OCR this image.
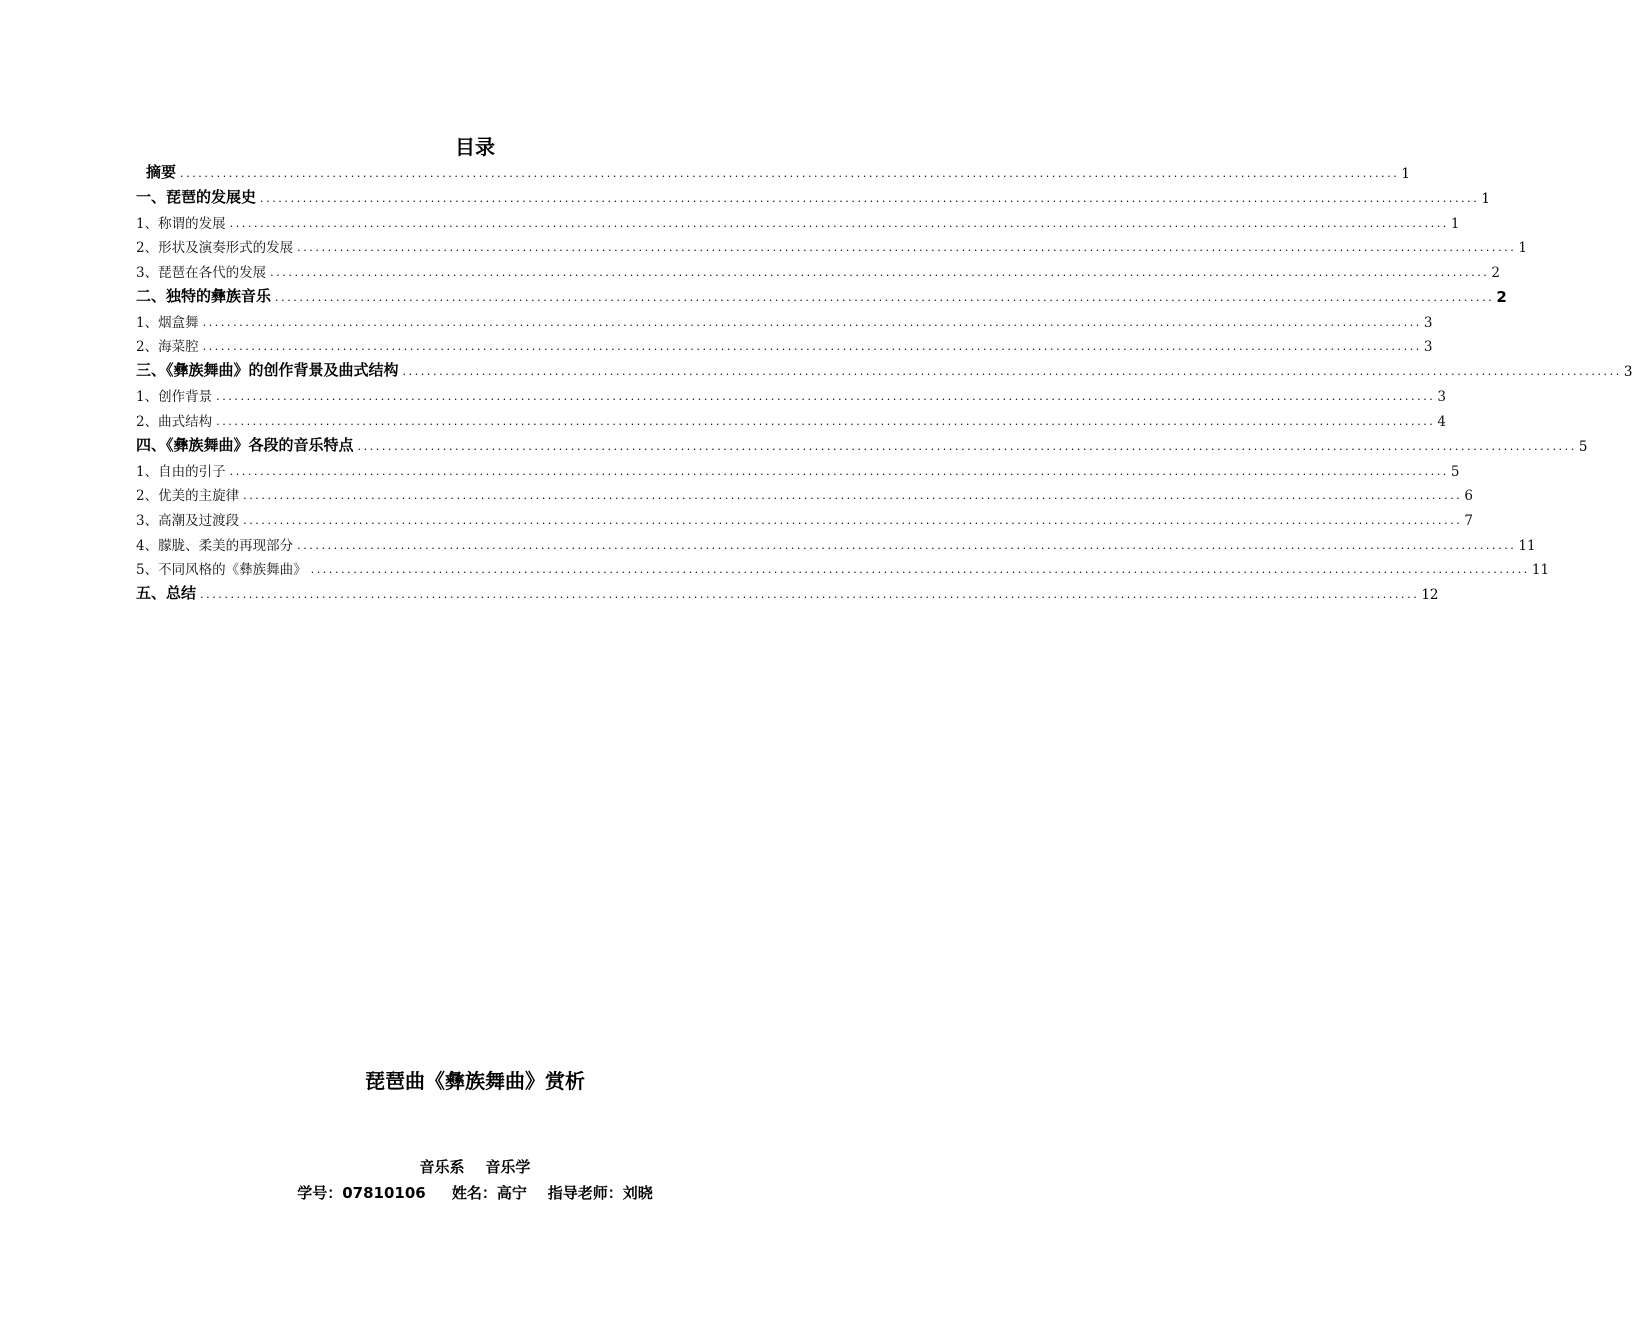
目录
摘要 ........................................................................................................................................................................................................ 1
一、琵琶的发展史 ........................................................................................................................................................................................................ 1
1、称谓的发展 ........................................................................................................................................................................................................ 1
2、形状及演奏形式的发展 ........................................................................................................................................................................................................ 1
3、琵琶在各代的发展 ........................................................................................................................................................................................................ 2
二、独特的彝族音乐 ........................................................................................................................................................................................................ 2
1、烟盒舞 ........................................................................................................................................................................................................ 3
2、海菜腔 ........................................................................................................................................................................................................ 3
三、《彝族舞曲》的创作背景及曲式结构 ........................................................................................................................................................................................................ 3
1、创作背景 ........................................................................................................................................................................................................ 3
2、曲式结构 ........................................................................................................................................................................................................ 4
四、《彝族舞曲》各段的音乐特点 ........................................................................................................................................................................................................ 5
1、自由的引子 ........................................................................................................................................................................................................ 5
2、优美的主旋律 ........................................................................................................................................................................................................ 6
3、高潮及过渡段 ........................................................................................................................................................................................................ 7
4、朦胧、柔美的再现部分 ........................................................................................................................................................................................................ 11
5、不同风格的《彝族舞曲》 ........................................................................................................................................................................................................ 11
五、总结 ........................................................................................................................................................................................................ 12
琵琶曲《彝族舞曲》赏析
音乐系    音乐学
学号：07810106     姓名：高宁    指导老师：刘晓
